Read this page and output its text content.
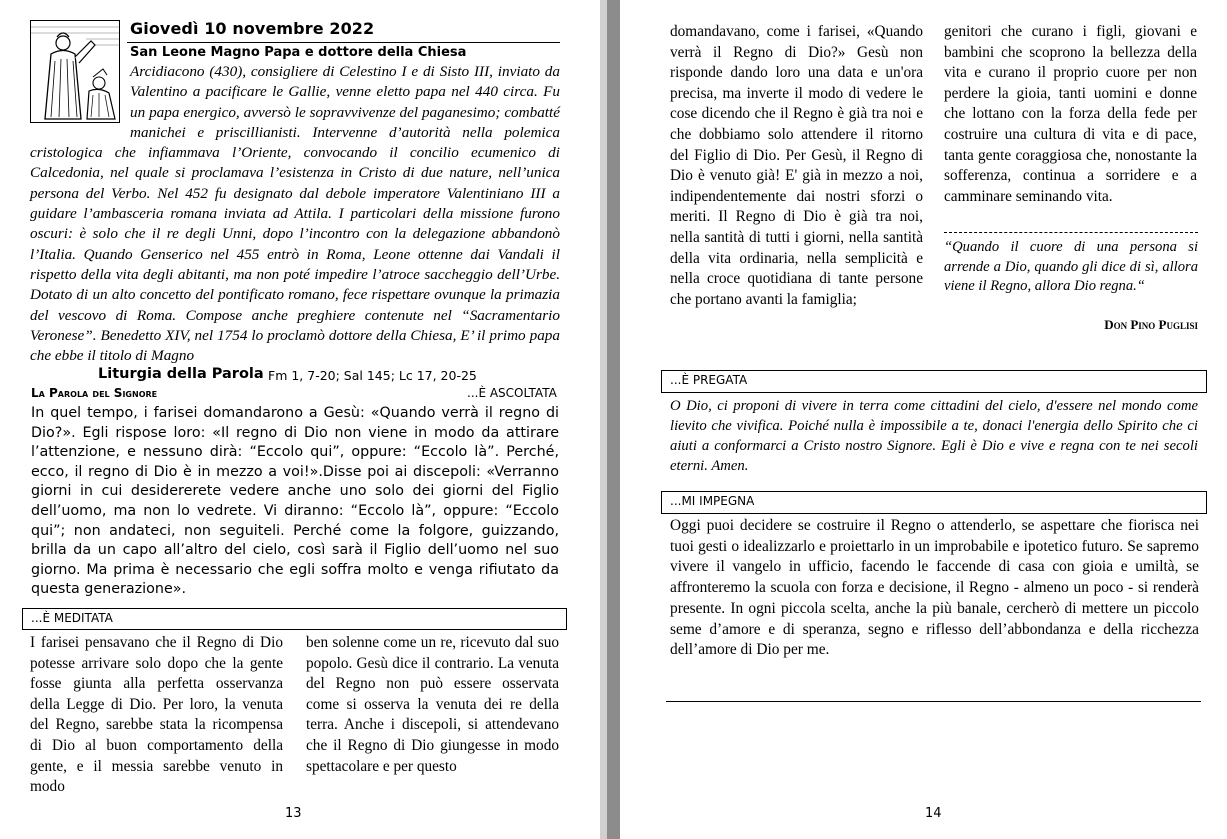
Giovedì 10 novembre 2022
San Leone Magno Papa e dottore della Chiesa
Arcidiacono (430), consigliere di Celestino I e di Sisto III, inviato da Valentino a pacificare le Gallie, venne eletto papa nel 440 circa. Fu un papa energico, avversò le sopravvivenze del paganesimo; combatté manichei e priscillianisti. Intervenne d’autorità nella polemica cristologica che infiammava l’Oriente, convocando il concilio ecumenico di Calcedonia, nel quale si proclamava l’esistenza in Cristo di due nature, nell’unica persona del Verbo. Nel 452 fu designato dal debole imperatore Valentiniano III a guidare l’ambasceria romana inviata ad Attila. I particolari della missione furono oscuri: è solo che il re degli Unni, dopo l’incontro con la delegazione abbandonò l’Italia. Quando Genserico nel 455 entrò in Roma, Leone ottenne dai Vandali il rispetto della vita degli abitanti, ma non poté impedire l’atroce saccheggio dell’Urbe. Dotato di un alto concetto del pontificato romano, fece rispettare ovunque la primazia del vescovo di Roma. Compose anche preghiere contenute nel “Sacramentario Veronese”. Benedetto XIV, nel 1754 lo proclamò dottore della Chiesa, E’ il primo papa che ebbe il titolo di Magno
Liturgia della Parola Fm 1, 7-20; Sal 145; Lc 17, 20-25
La Parola del Signore	...È ASCOLTATA
In quel tempo, i farisei domandarono a Gesù: «Quando verrà il regno di Dio?». Egli rispose loro: «Il regno di Dio non viene in modo da attirare l’attenzione, e nessuno dirà: “Eccolo qui”, oppure: “Eccolo là”. Perché, ecco, il regno di Dio è in mezzo a voi!».Disse poi ai discepoli: «Verranno giorni in cui desidererete vedere anche uno solo dei giorni del Figlio dell’uomo, ma non lo vedrete. Vi diranno: “Eccolo là”, oppure: “Eccolo qui”; non andateci, non seguiteli. Perché come la folgore, guizzando, brilla da un capo all’altro del cielo, così sarà il Figlio dell’uomo nel suo giorno. Ma prima è necessario che egli soffra molto e venga rifiutato da questa generazione».
...È MEDITATA
I farisei pensavano che il Regno di Dio potesse arrivare solo dopo che la gente fosse giunta alla perfetta osservanza della Legge di Dio. Per loro, la venuta del Regno, sarebbe stata la ricompensa di Dio al buon comportamento della gente, e il messia sarebbe venuto in modo
ben solenne come un re, ricevuto dal suo popolo. Gesù dice il contrario. La venuta del Regno non può essere osservata come si osserva la venuta dei re della terra. Anche i discepoli, si attendevano che il Regno di Dio giungesse in modo spettacolare e per questo
13
domandavano, come i farisei, «Quando verrà il Regno di Dio?» Gesù non risponde dando loro una data e un'ora precisa, ma inverte il modo di vedere le cose dicendo che il Regno è già tra noi e che dobbiamo solo attendere il ritorno del Figlio di Dio. Per Gesù, il Regno di Dio è venuto già! E' già in mezzo a noi, indipendentemente dai nostri sforzi o meriti. Il Regno di Dio è già tra noi, nella santità di tutti i giorni, nella santità della vita ordinaria, nella semplicità e nella croce quotidiana di tante persone che portano avanti la famiglia;
genitori che curano i figli, giovani e bambini che scoprono la bellezza della vita e curano il proprio cuore per non perdere la gioia, tanti uomini e donne che lottano con la forza della fede per costruire una cultura di vita e di pace, tanta gente coraggiosa che, nonostante la sofferenza, continua a sorridere e a camminare seminando vita.
“Quando il cuore di una persona si arrende a Dio, quando gli dice di sì, allora viene il Regno, allora Dio regna.“
Don Pino Puglisi
...È PREGATA
O Dio, ci proponi di vivere in terra come cittadini del cielo, d'essere nel mondo come lievito che vivifica. Poiché nulla è impossibile a te, donaci l'energia dello Spirito che ci aiuti a conformarci a Cristo nostro Signore. Egli è Dio e vive e regna con te nei secoli eterni. Amen.
...MI IMPEGNA
Oggi puoi decidere se costruire il Regno o attenderlo, se aspettare che fiorisca nei tuoi gesti o idealizzarlo e proiettarlo in un improbabile e ipotetico futuro. Se sapremo vivere il vangelo in ufficio, facendo le faccende di casa con gioia e umiltà, se affronteremo la scuola con forza e decisione, il Regno - almeno un poco - si renderà presente. In ogni piccola scelta, anche la più banale, cercherò di mettere un piccolo seme d’amore e di speranza, segno e riflesso dell’abbondanza e della ricchezza dell’amore di Dio per me.
14
